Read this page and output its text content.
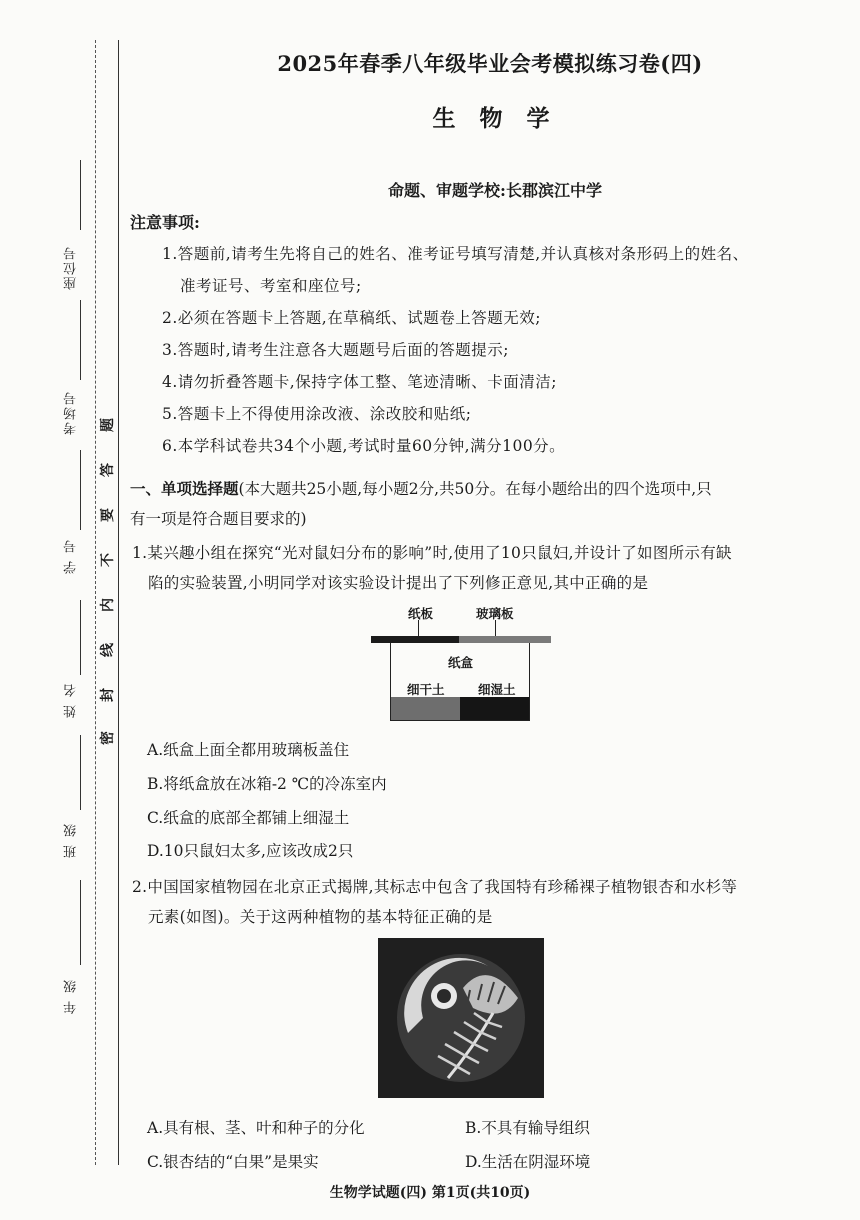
座位号
考场号
学 号
姓 名
班 级
年 级
题
答
要
不
内
线
封
密
2025年春季八年级毕业会考模拟练习卷(四)
生 物 学
命题、审题学校:长郡滨江中学
注意事项:
1.答题前,请考生先将自己的姓名、准考证号填写清楚,并认真核对条形码上的姓名、
准考证号、考室和座位号;
2.必须在答题卡上答题,在草稿纸、试题卷上答题无效;
3.答题时,请考生注意各大题题号后面的答题提示;
4.请勿折叠答题卡,保持字体工整、笔迹清晰、卡面清洁;
5.答题卡上不得使用涂改液、涂改胶和贴纸;
6.本学科试卷共34个小题,考试时量60分钟,满分100分。
一、单项选择题(本大题共25小题,每小题2分,共50分。在每小题给出的四个选项中,只
有一项是符合题目要求的)
1.某兴趣小组在探究“光对鼠妇分布的影响”时,使用了10只鼠妇,并设计了如图所示有缺
陷的实验装置,小明同学对该实验设计提出了下列修正意见,其中正确的是
纸板	玻璃板
纸盒
细干土	细湿土
A.纸盒上面全都用玻璃板盖住
B.将纸盒放在冰箱-2 ℃的冷冻室内
C.纸盒的底部全都铺上细湿土
D.10只鼠妇太多,应该改成2只
2.中国国家植物园在北京正式揭牌,其标志中包含了我国特有珍稀裸子植物银杏和水杉等
元素(如图)。关于这两种植物的基本特征正确的是
A.具有根、茎、叶和种子的分化	B.不具有输导组织
C.银杏结的“白果”是果实	D.生活在阴湿环境
生物学试题(四) 第1页(共10页)
